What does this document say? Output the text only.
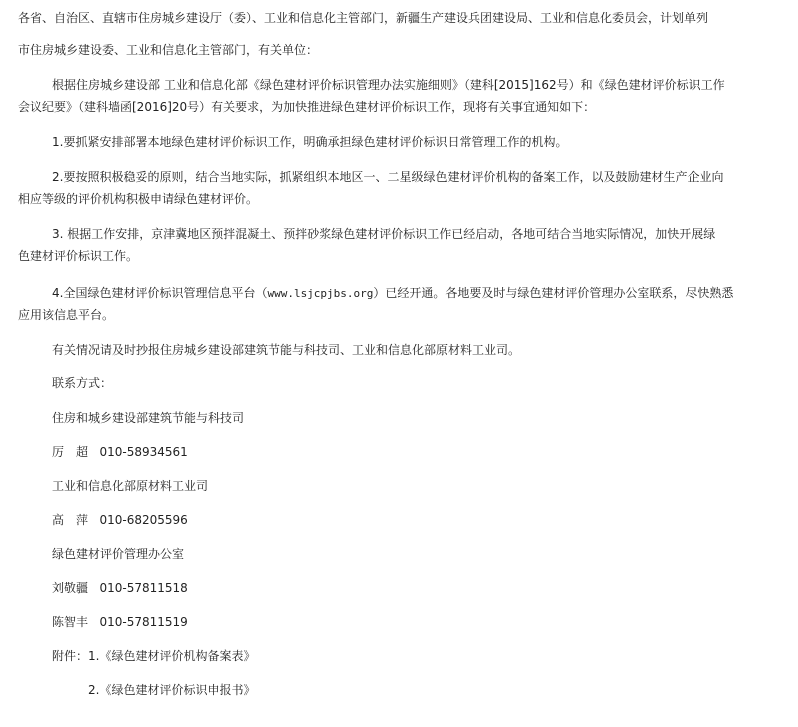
各省、自治区、直辖市住房城乡建设厅（委）、工业和信息化主管部门，新疆生产建设兵团建设局、工业和信息化委员会，计划单列

市住房城乡建设委、工业和信息化主管部门，有关单位：

根据住房城乡建设部 工业和信息化部《绿色建材评价标识管理办法实施细则》（建科[2015]162号）和《绿色建材评价标识工作

会议纪要》（建科墙函[2016]20号）有关要求，为加快推进绿色建材评价标识工作，现将有关事宜通知如下：

1.要抓紧安排部署本地绿色建材评价标识工作，明确承担绿色建材评价标识日常管理工作的机构。

2.要按照积极稳妥的原则，结合当地实际，抓紧组织本地区一、二星级绿色建材评价机构的备案工作，以及鼓励建材生产企业向

相应等级的评价机构积极申请绿色建材评价。

3. 根据工作安排，京津冀地区预拌混凝土、预拌砂浆绿色建材评价标识工作已经启动，各地可结合当地实际情况，加快开展绿

色建材评价标识工作。

4.全国绿色建材评价标识管理信息平台（www.lsjcpjbs.org）已经开通。各地要及时与绿色建材评价管理办公室联系，尽快熟悉

应用该信息平台。

有关情况请及时抄报住房城乡建设部建筑节能与科技司、工业和信息化部原材料工业司。

联系方式：

住房和城乡建设部建筑节能与科技司

厉　超 010-58934561

工业和信息化部原材料工业司

高　萍 010-68205596

绿色建材评价管理办公室

刘敬疆 010-57811518

陈智丰 010-57811519

附件：1.《绿色建材评价机构备案表》

2.《绿色建材评价标识申报书》
